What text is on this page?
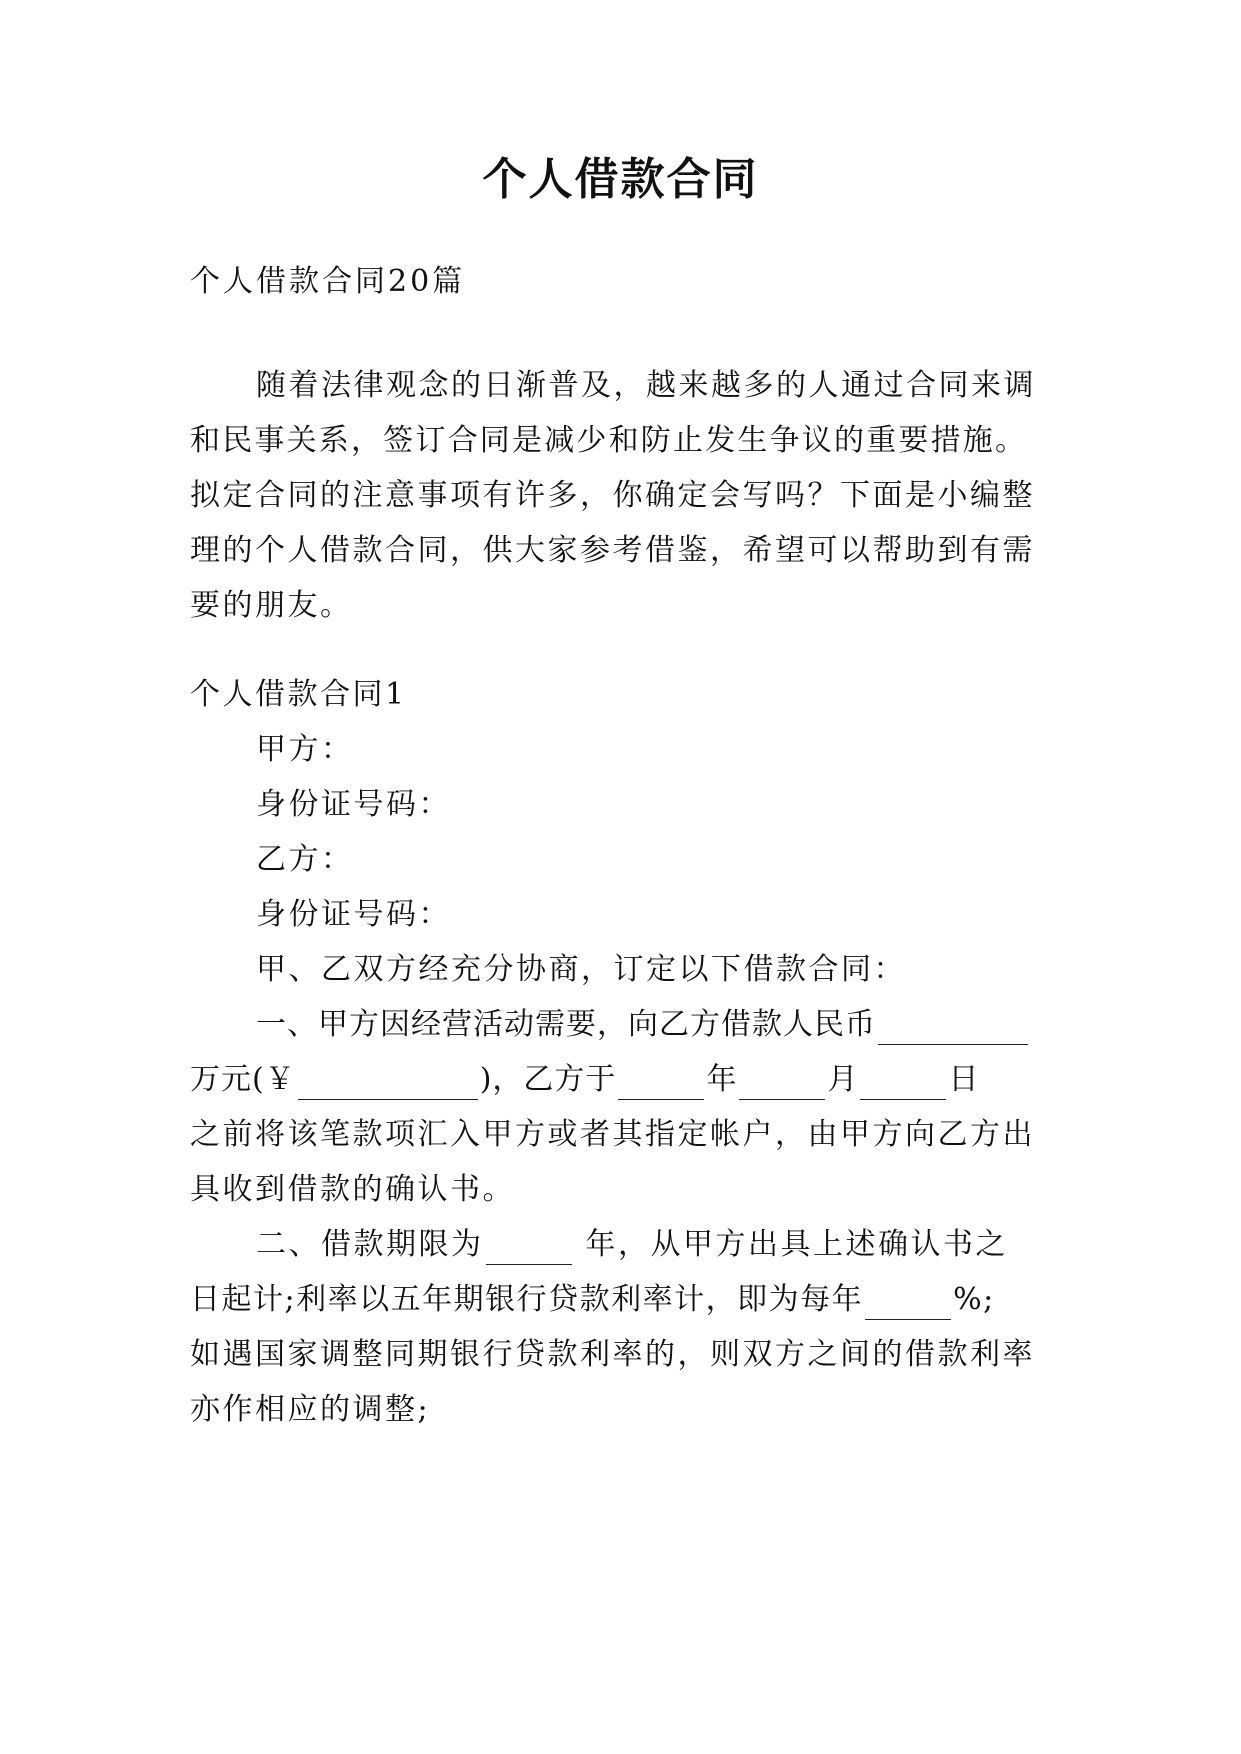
个人借款合同
个人借款合同20篇
随着法律观念的日渐普及，越来越多的人通过合同来调
和民事关系，签订合同是减少和防止发生争议的重要措施。
拟定合同的注意事项有许多，你确定会写吗？下面是小编整
理的个人借款合同，供大家参考借鉴，希望可以帮助到有需
要的朋友。
个人借款合同1
甲方：
身份证号码：
乙方：
身份证号码：
甲、乙双方经充分协商，订定以下借款合同：
一、甲方因经营活动需要，向乙方借款人民币
万元(￥	)，乙方于	年	月	日
之前将该笔款项汇入甲方或者其指定帐户，由甲方向乙方出
具收到借款的确认书。
二、借款期限为	年，从甲方出具上述确认书之
日起计;利率以五年期银行贷款利率计，即为每年	%;
如遇国家调整同期银行贷款利率的，则双方之间的借款利率
亦作相应的调整;
